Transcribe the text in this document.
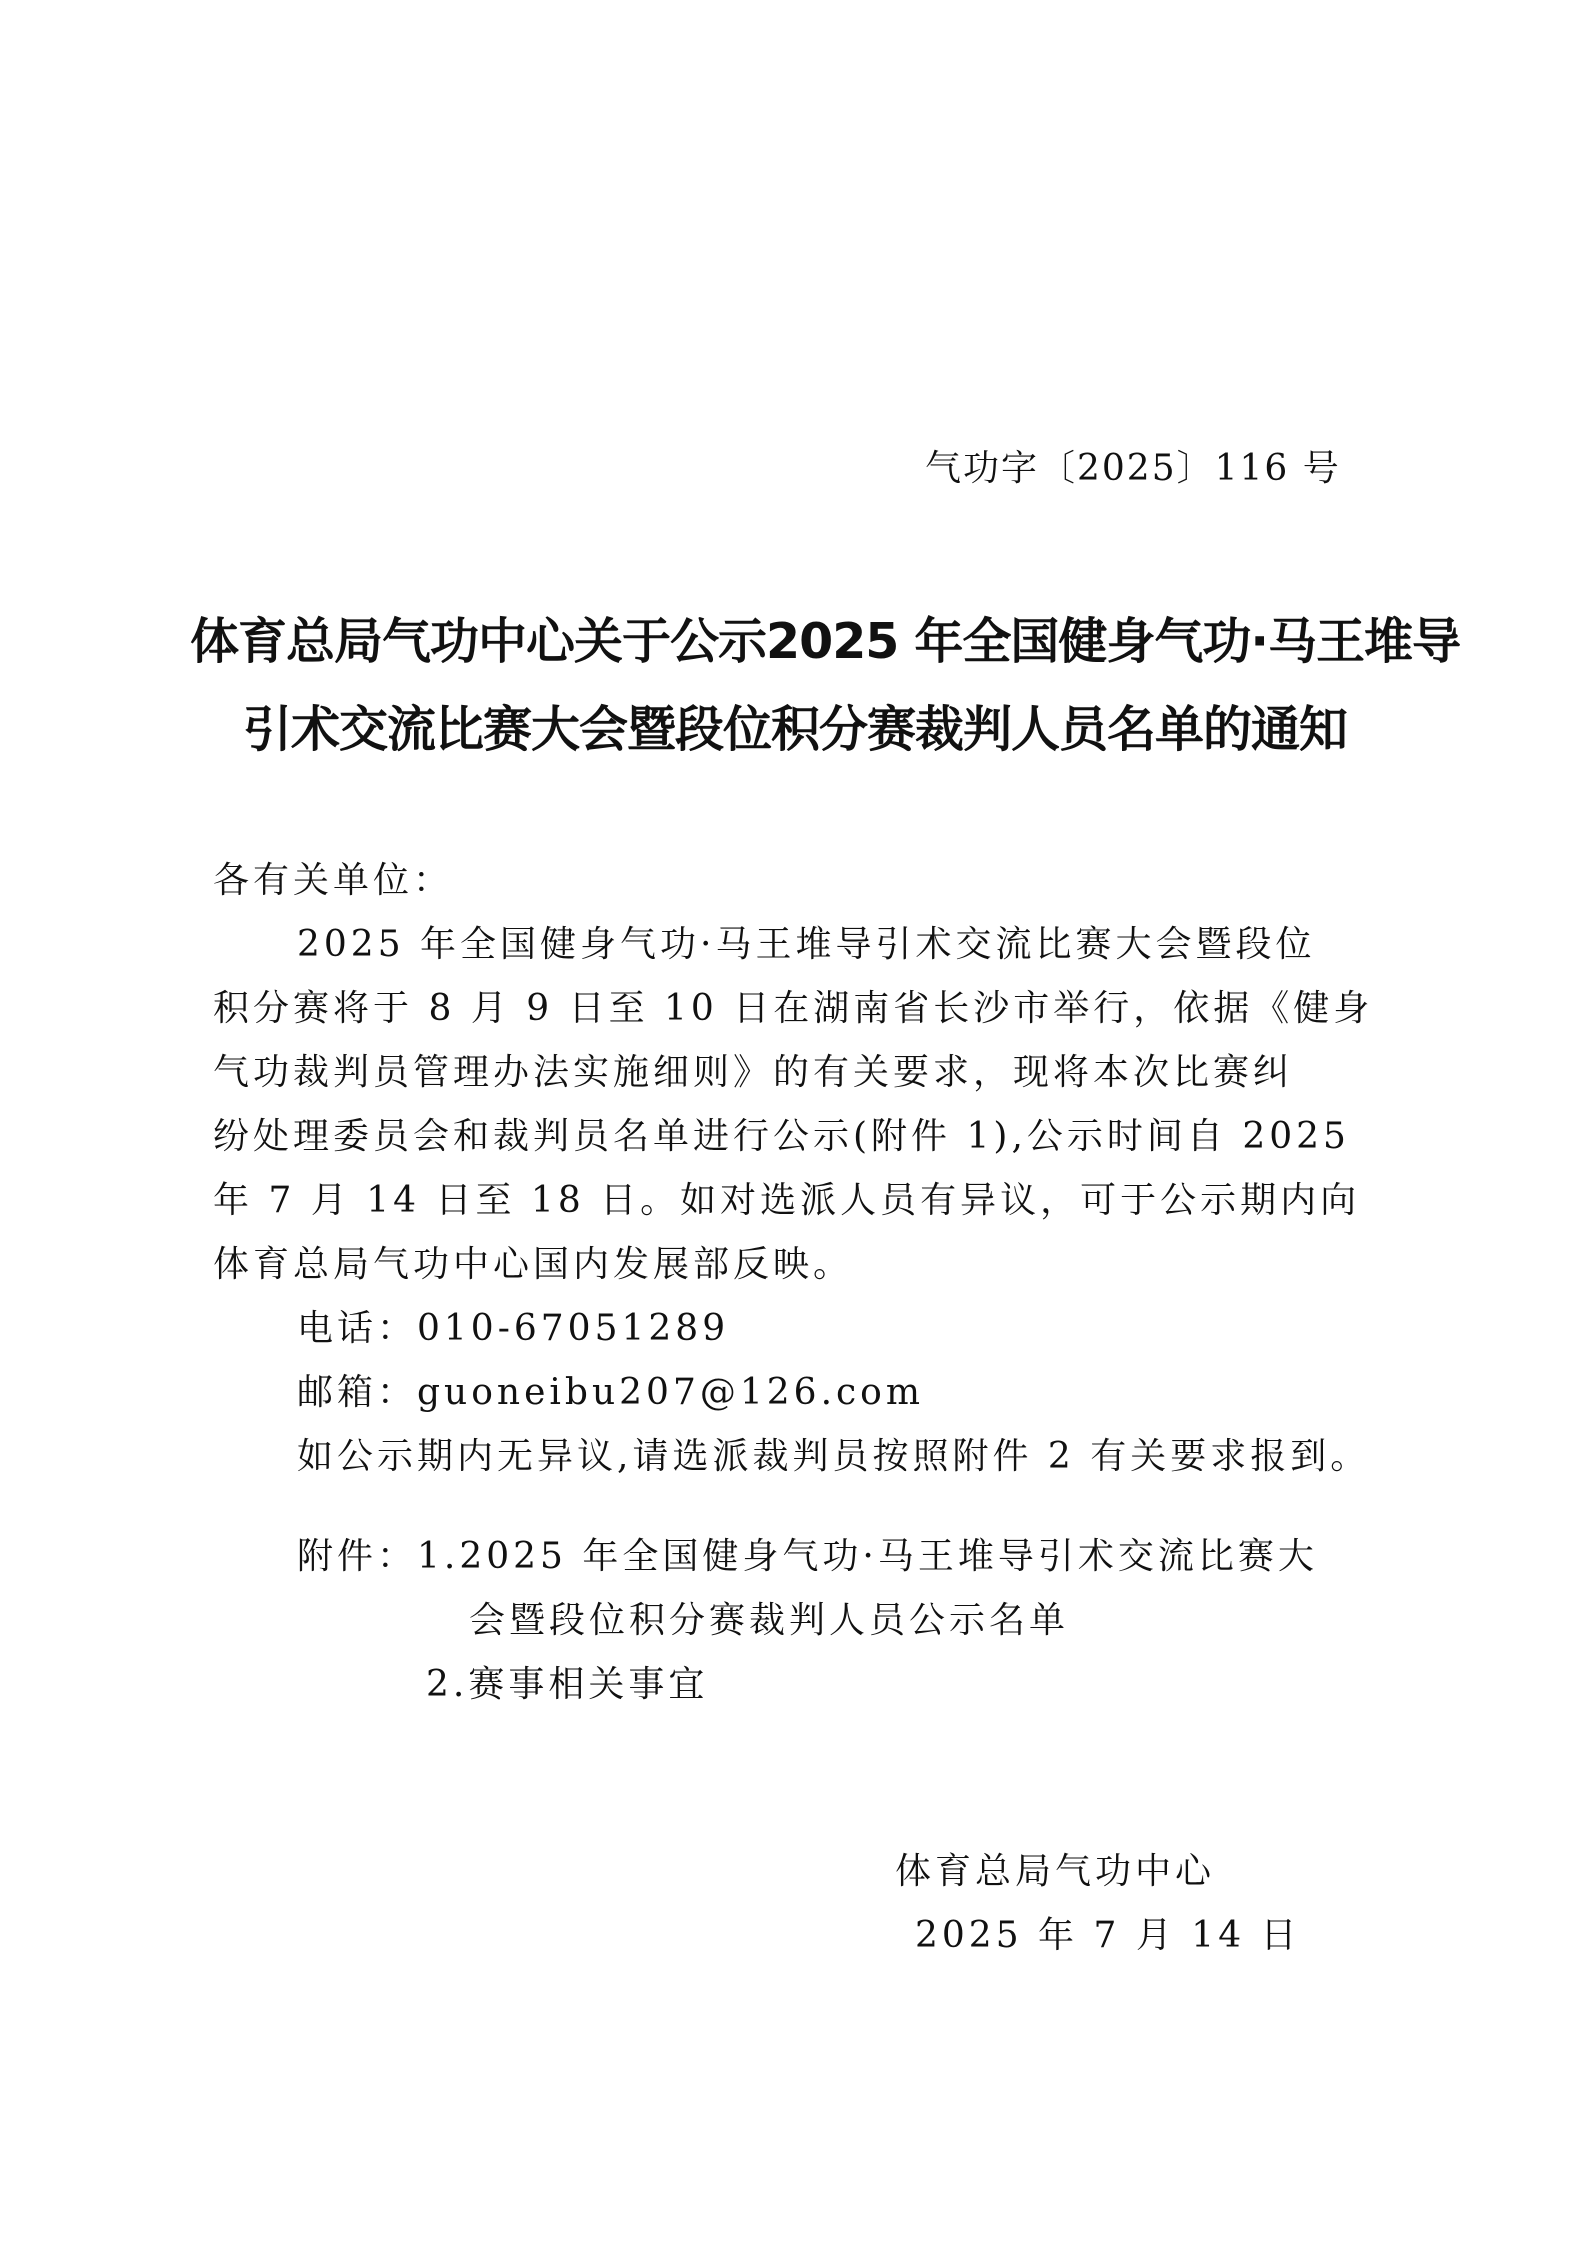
气功字〔2025〕116 号
体育总局气功中心关于公示2025 年全国健身气功·马王堆导
引术交流比赛大会暨段位积分赛裁判人员名单的通知
各有关单位：
2025 年全国健身气功·马王堆导引术交流比赛大会暨段位
积分赛将于 8 月 9 日至 10 日在湖南省长沙市举行，依据《健身
气功裁判员管理办法实施细则》的有关要求，现将本次比赛纠
纷处理委员会和裁判员名单进行公示(附件 1),公示时间自 2025
年 7 月 14 日至 18 日。如对选派人员有异议，可于公示期内向
体育总局气功中心国内发展部反映。
电话：010-67051289
邮箱：guoneibu207@126.com
如公示期内无异议,请选派裁判员按照附件 2 有关要求报到。
附件：1.2025 年全国健身气功·马王堆导引术交流比赛大
会暨段位积分赛裁判人员公示名单
2.赛事相关事宜
体育总局气功中心
2025 年 7 月 14 日
